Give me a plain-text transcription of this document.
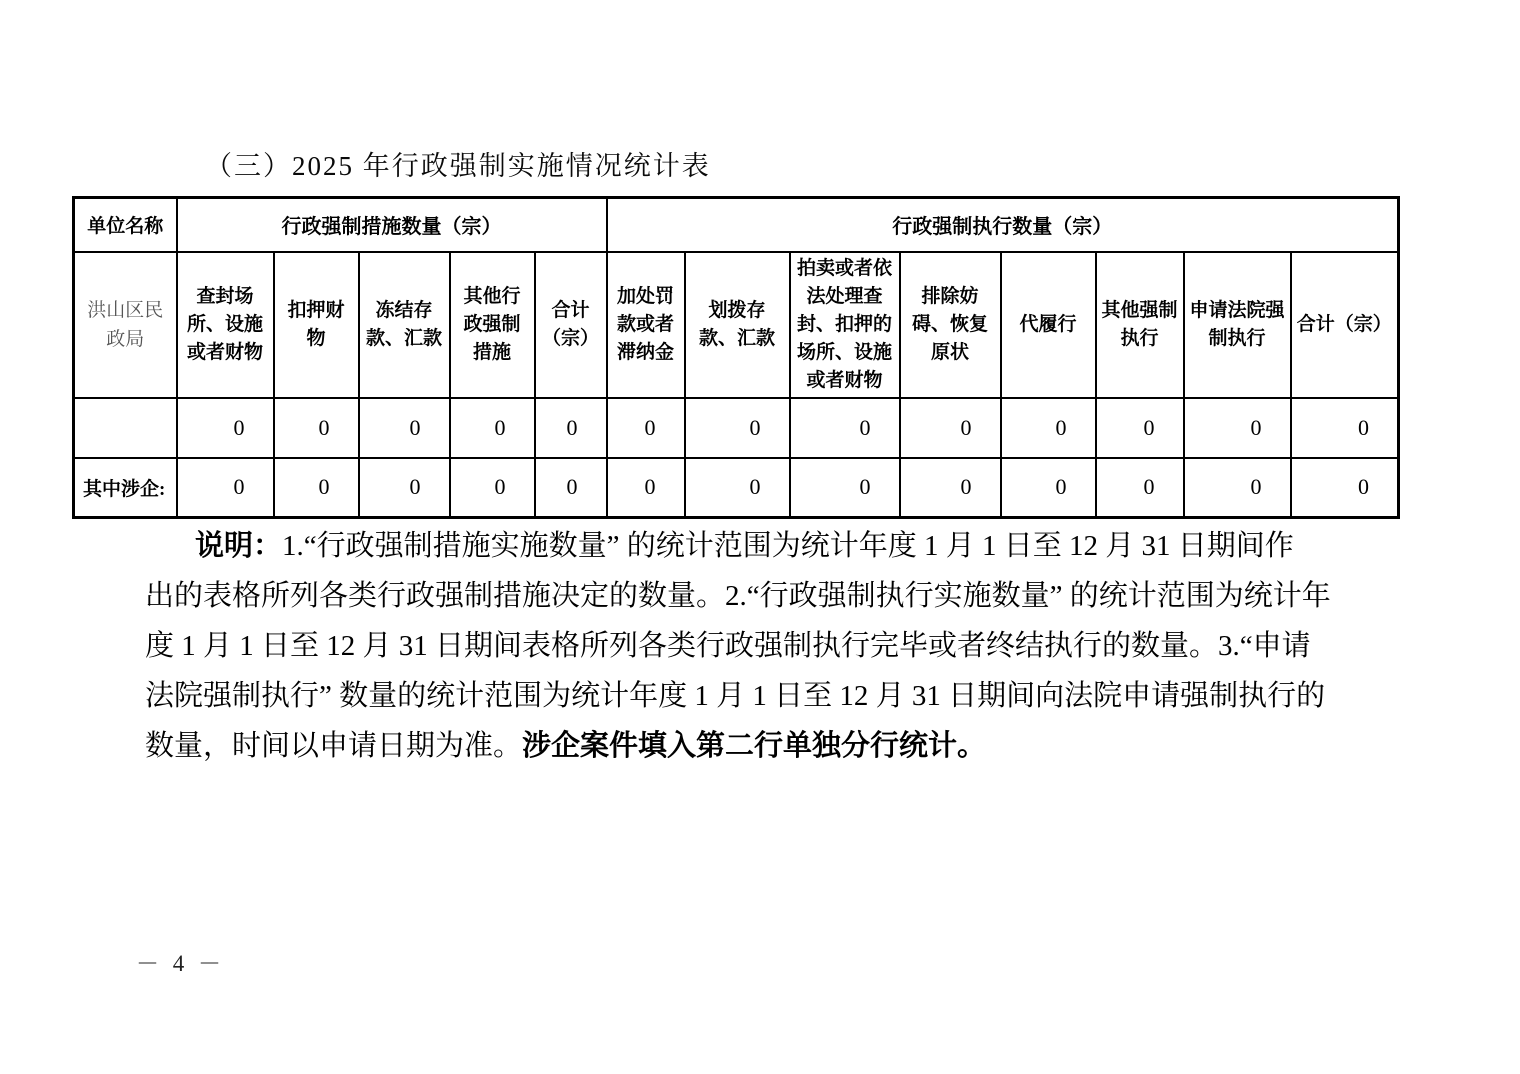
（三）2025 年行政强制实施情况统计表
单位名称	行政强制措施数量（宗）					行政强制执行数量（宗）							
洪山区民政局	查封场所、设施或者财物	扣押财物	冻结存款、汇款	其他行政强制措施	合计（宗）	加处罚款或者滞纳金	划拨存款、汇款	拍卖或者依法处理查封、扣押的场所、设施或者财物	排除妨碍、恢复原状	代履行	其他强制执行	申请法院强制执行	合计（宗）
	0	0	0	0	0	0	0	0	0	0	0	0	0
其中涉企:	0	0	0	0	0	0	0	0	0	0	0	0	0
说明：1.“行政强制措施实施数量” 的统计范围为统计年度 1 月 1 日至 12 月 31 日期间作
出的表格所列各类行政强制措施决定的数量。2.“行政强制执行实施数量” 的统计范围为统计年
度 1 月 1 日至 12 月 31 日期间表格所列各类行政强制执行完毕或者终结执行的数量。3.“申请
法院强制执行” 数量的统计范围为统计年度 1 月 1 日至 12 月 31 日期间向法院申请强制执行的
数量，时间以申请日期为准。涉企案件填入第二行单独分行统计。
－ 4 －
